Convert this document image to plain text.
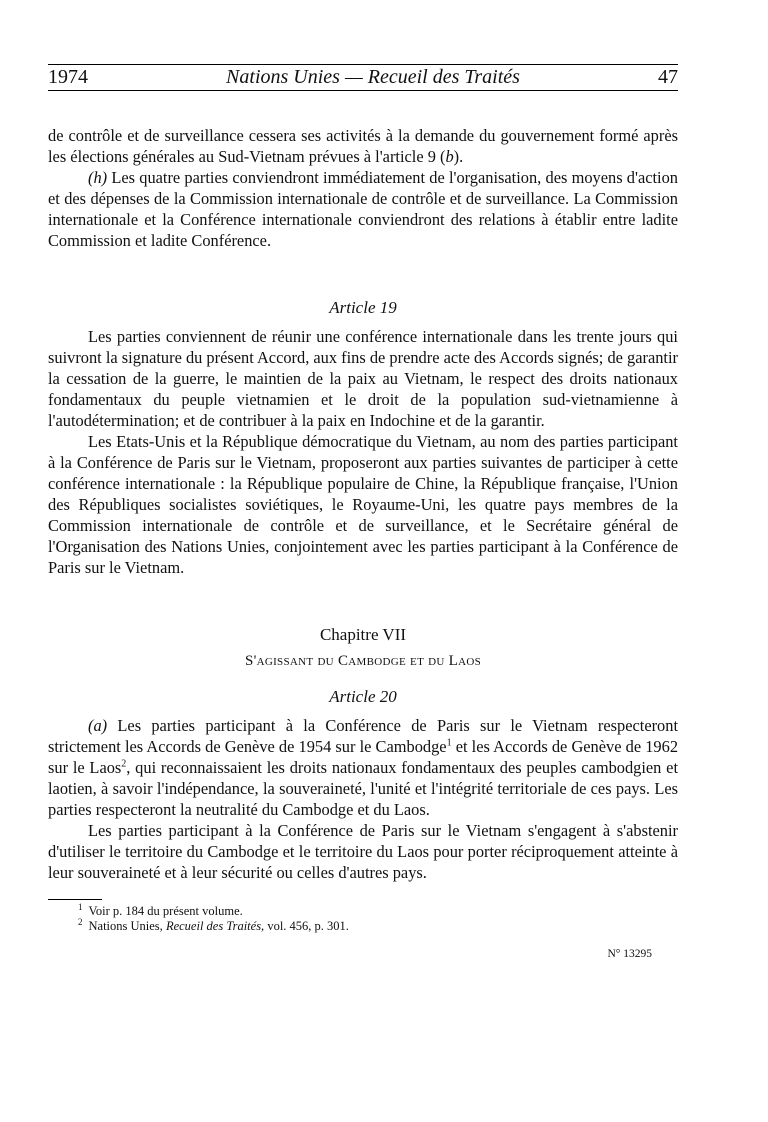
1974	Nations Unies — Recueil des Traités	47

de contrôle et de surveillance cessera ses activités à la demande du gouvernement formé après les élections générales au Sud-Vietnam prévues à l'article 9 (b).

(h) Les quatre parties conviendront immédiatement de l'organisation, des moyens d'action et des dépenses de la Commission internationale de contrôle et de surveillance. La Commission internationale et la Conférence internationale conviendront des relations à établir entre ladite Commission et ladite Conférence.

Article 19

Les parties conviennent de réunir une conférence internationale dans les trente jours qui suivront la signature du présent Accord, aux fins de prendre acte des Accords signés; de garantir la cessation de la guerre, le maintien de la paix au Vietnam, le respect des droits nationaux fondamentaux du peuple vietnamien et le droit de la population sud-vietnamienne à l'autodétermination; et de contribuer à la paix en Indochine et de la garantir.

Les Etats-Unis et la République démocratique du Vietnam, au nom des parties participant à la Conférence de Paris sur le Vietnam, proposeront aux parties suivantes de participer à cette conférence internationale : la République populaire de Chine, la République française, l'Union des Républiques socialistes soviétiques, le Royaume-Uni, les quatre pays membres de la Commission internationale de contrôle et de surveillance, et le Secrétaire général de l'Organisation des Nations Unies, conjointement avec les parties participant à la Conférence de Paris sur le Vietnam.

Chapitre VII
S'agissant du Cambodge et du Laos
Article 20

(a) Les parties participant à la Conférence de Paris sur le Vietnam respecteront strictement les Accords de Genève de 1954 sur le Cambodge$^1$ et les Accords de Genève de 1962 sur le Laos$^2$, qui reconnaissaient les droits nationaux fondamentaux des peuples cambodgien et laotien, à savoir l'indépendance, la souveraineté, l'unité et l'intégrité territoriale de ces pays. Les parties respecteront la neutralité du Cambodge et du Laos.

Les parties participant à la Conférence de Paris sur le Vietnam s'engagent à s'abstenir d'utiliser le territoire du Cambodge et le territoire du Laos pour porter réciproquement atteinte à leur souveraineté et à leur sécurité ou celles d'autres pays.

$^1$ Voir p. 184 du présent volume.

$^2$ Nations Unies, Recueil des Traités, vol. 456, p. 301.

N° 13295
